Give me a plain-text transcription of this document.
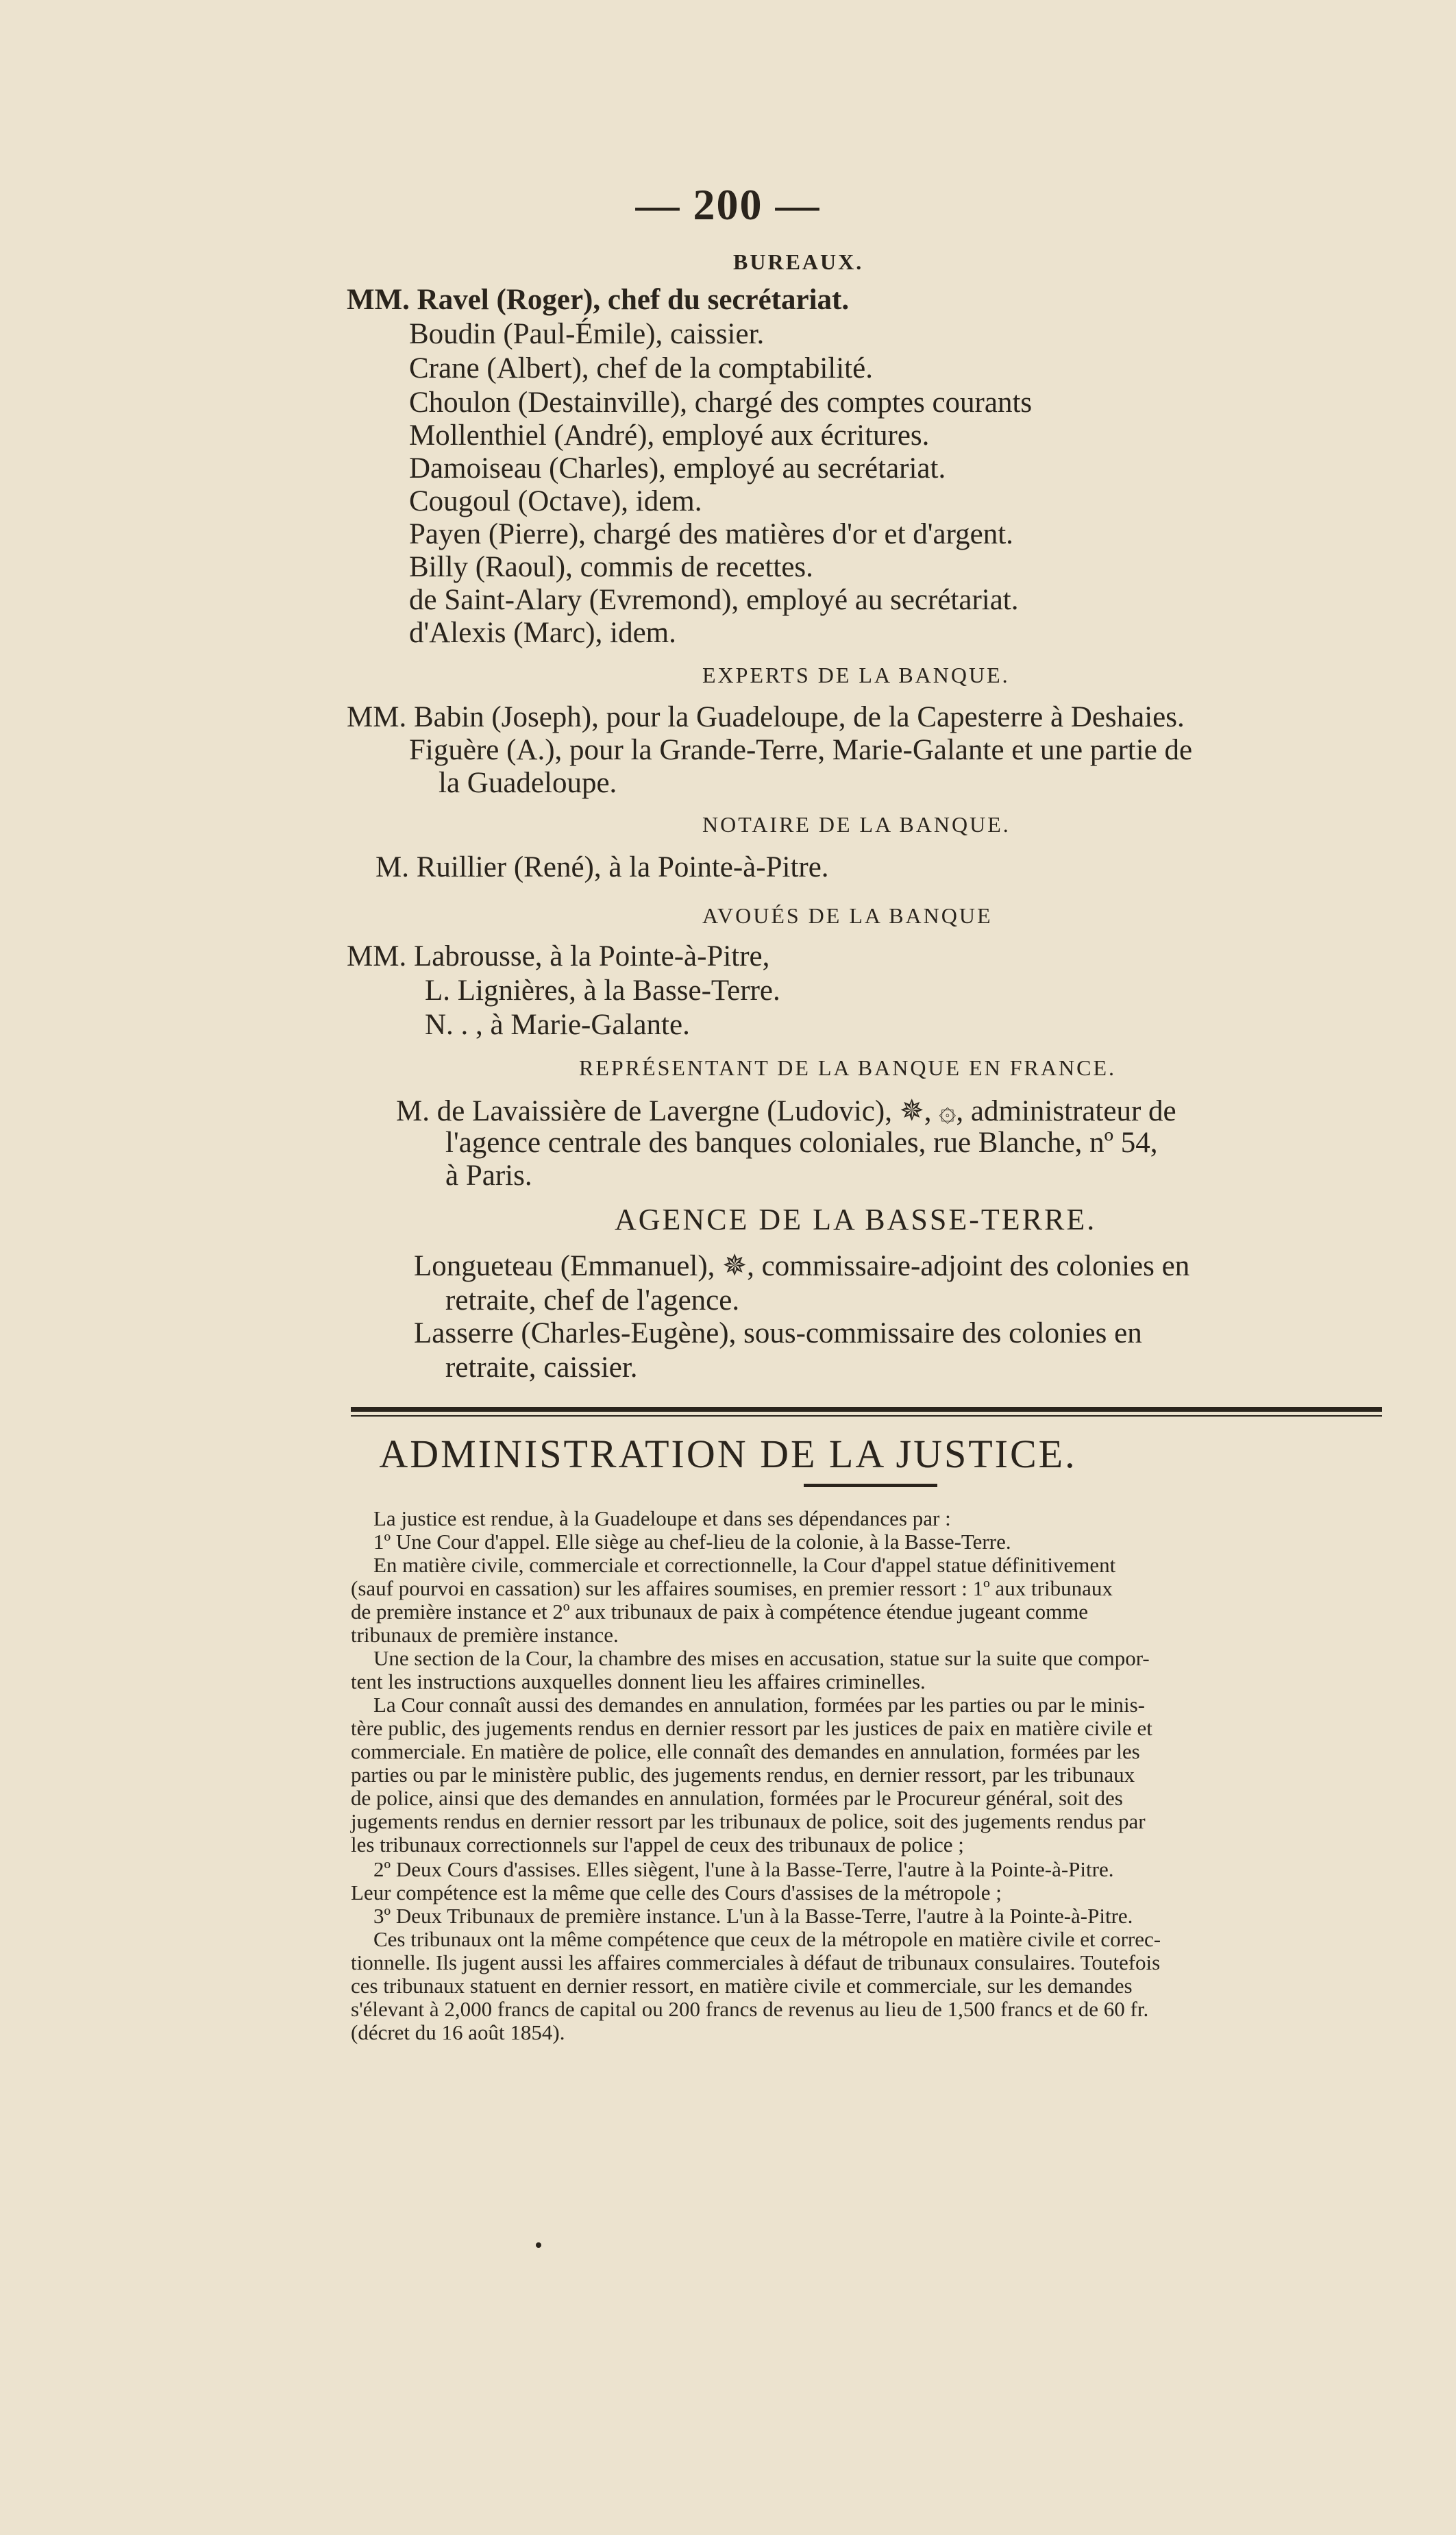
— 200 —
BUREAUX.
MM. Ravel (Roger), chef du secrétariat.
Boudin (Paul-Émile), caissier.
Crane (Albert), chef de la comptabilité.
Choulon (Destainville), chargé des comptes courants
Mollenthiel (André), employé aux écritures.
Damoiseau (Charles), employé au secrétariat.
Cougoul (Octave), idem.
Payen (Pierre), chargé des matières d'or et d'argent.
Billy (Raoul), commis de recettes.
de Saint-Alary (Evremond), employé au secrétariat.
d'Alexis (Marc), idem.
EXPERTS DE LA BANQUE.
MM. Babin (Joseph), pour la Guadeloupe, de la Capesterre à Deshaies.
Figuère (A.), pour la Grande-Terre, Marie-Galante et une partie de
la Guadeloupe.
NOTAIRE DE LA BANQUE.
M. Ruillier (René), à la Pointe-à-Pitre.
AVOUÉS DE LA BANQUE
MM. Labrousse, à la Pointe-à-Pitre,
L. Lignières, à la Basse-Terre.
N. . , à Marie-Galante.
REPRÉSENTANT DE LA BANQUE EN FRANCE.
M. de Lavaissière de Lavergne (Ludovic), ✵, ۞, administrateur de
l'agence centrale des banques coloniales, rue Blanche, nº 54,
à Paris.
AGENCE DE LA BASSE-TERRE.
Longueteau (Emmanuel), ✵, commissaire-adjoint des colonies en
retraite, chef de l'agence.
Lasserre (Charles-Eugène), sous-commissaire des colonies en
retraite, caissier.
ADMINISTRATION DE LA JUSTICE.
La justice est rendue, à la Guadeloupe et dans ses dépendances par :
1º Une Cour d'appel. Elle siège au chef-lieu de la colonie, à la Basse-Terre.
En matière civile, commerciale et correctionnelle, la Cour d'appel statue définitivement
(sauf pourvoi en cassation) sur les affaires soumises, en premier ressort : 1º aux tribunaux
de première instance et 2º aux tribunaux de paix à compétence étendue jugeant comme
tribunaux de première instance.
Une section de la Cour, la chambre des mises en accusation, statue sur la suite que compor-
tent les instructions auxquelles donnent lieu les affaires criminelles.
La Cour connaît aussi des demandes en annulation, formées par les parties ou par le minis-
tère public, des jugements rendus en dernier ressort par les justices de paix en matière civile et
commerciale. En matière de police, elle connaît des demandes en annulation, formées par les
parties ou par le ministère public, des jugements rendus, en dernier ressort, par les tribunaux
de police, ainsi que des demandes en annulation, formées par le Procureur général, soit des
jugements rendus en dernier ressort par les tribunaux de police, soit des jugements rendus par
les tribunaux correctionnels sur l'appel de ceux des tribunaux de police ;
2º Deux Cours d'assises. Elles siègent, l'une à la Basse-Terre, l'autre à la Pointe-à-Pitre.
Leur compétence est la même que celle des Cours d'assises de la métropole ;
3º Deux Tribunaux de première instance. L'un à la Basse-Terre, l'autre à la Pointe-à-Pitre.
Ces tribunaux ont la même compétence que ceux de la métropole en matière civile et correc-
tionnelle. Ils jugent aussi les affaires commerciales à défaut de tribunaux consulaires. Toutefois
ces tribunaux statuent en dernier ressort, en matière civile et commerciale, sur les demandes
s'élevant à 2,000 francs de capital ou 200 francs de revenus au lieu de 1,500 francs et de 60 fr.
(décret du 16 août 1854).
